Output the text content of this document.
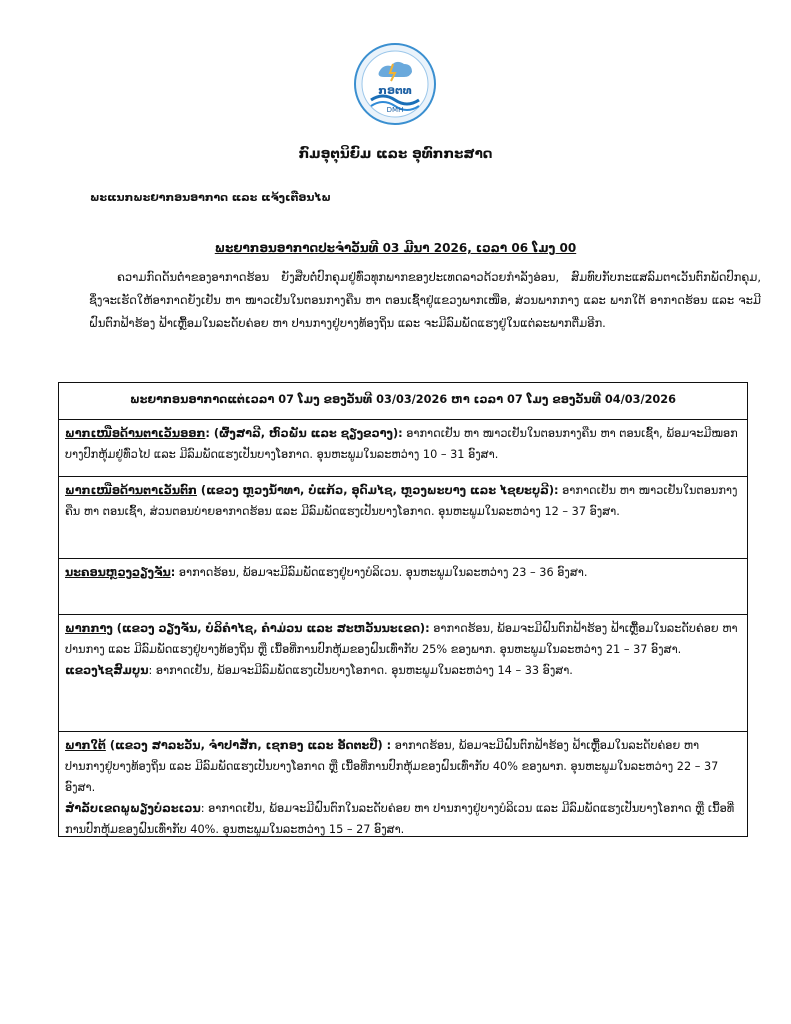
ກອຕທ
DMH
ກົມອຸຕຸນິຍົມ ແລະ ອຸທົກກະສາດ
ພະແນກພະຍາກອນອາກາດ ແລະ ແຈ້ງເຕືອນໄພ
ພະຍາກອນອາກາດປະຈຳວັນທີ 03 ມີນາ 2026, ເວລາ 06 ໂມງ 00
ຄວາມກົດດັນຕ່ຳຂອງອາກາດຮ້ອນ ຍັງສືບຕໍ່ປົກຄຸມຢູ່ທົ່ວທຸກພາກຂອງປະເທດລາວດ້ວຍກຳລັງອ່ອນ, ສົມທົບກັບກະແສລົມຕາເວັນຕົກພັດປົກຄຸມ, ຊຶ່ງຈະເຮັດໃຫ້ອາກາດຍັງເຢັນ ຫາ ໜາວເຢັນໃນຕອນກາງຄືນ ຫາ ຕອນເຊົ້າຢູ່ແຂວງພາກເໜືອ, ສ່ວນພາກກາງ ແລະ ພາກໃຕ້ ອາກາດຮ້ອນ ແລະ ຈະມີຝົນຕົກຟ້າຮ້ອງ ຟ້າເຫຼື້ອມໃນລະດັບຄ່ອຍ ຫາ ປານກາງຢູ່ບາງທ້ອງຖິ່ນ ແລະ ຈະມີລົມພັດແຮງຢູ່ໃນແຕ່ລະພາກຕື່ມອີກ.
ພະຍາກອນອາກາດແຕ່ເວລາ 07 ໂມງ ຂອງວັນທີ 03/03/2026 ຫາ ເວລາ 07 ໂມງ ຂອງວັນທີ 04/03/2026

ພາກເໜືອດ້ານຕາເວັນອອກ: (ຜົ້ງສາລີ, ຫົວພັນ ແລະ ຊຽງຂວາງ): ອາກາດເຢັນ ຫາ ໜາວເຢັນໃນຕອນກາງຄືນ ຫາ ຕອນເຊົ້າ, ພ້ອມຈະມີໝອກບາງປົກຫຸ້ມຢູ່ທົ່ວໄປ ແລະ ມີລົມພັດແຮງເປັນບາງໂອກາດ. ອຸນຫະພູມໃນລະຫວ່າງ 10 – 31 ອົງສາ.

ພາກເໜືອດ້ານຕາເວັນຕົກ (ແຂວງ ຫຼວງນ້ຳທາ, ບໍ່ແກ້ວ, ອຸດົມໄຊ, ຫຼວງພະບາງ ແລະ ໄຊຍະບູລີ): ອາກາດເຢັນ ຫາ ໜາວເຢັນໃນຕອນກາງຄືນ ຫາ ຕອນເຊົ້າ, ສ່ວນຕອນບ່າຍອາກາດຮ້ອນ ແລະ ມີລົມພັດແຮງເປັນບາງໂອກາດ. ອຸນຫະພູມໃນລະຫວ່າງ 12 – 37 ອົງສາ.

ນະຄອນຫຼວງວຽງຈັນ: ອາກາດຮ້ອນ, ພ້ອມຈະມີລົມພັດແຮງຢູ່ບາງບໍລິເວນ. ອຸນຫະພູມໃນລະຫວ່າງ 23 – 36 ອົງສາ.

ພາກກາງ (ແຂວງ ວຽງຈັນ, ບໍລິຄຳໄຊ, ຄຳມ່ວນ ແລະ ສະຫວັນນະເຂດ): ອາກາດຮ້ອນ, ພ້ອມຈະມີຝົນຕົກຟ້າຮ້ອງ ຟ້າເຫຼື້ອມໃນລະດັບຄ່ອຍ ຫາ ປານກາງ ແລະ ມີລົມພັດແຮງຢູ່ບາງທ້ອງຖິ່ນ ຫຼື ເນື້ອທີ່ການປົກຫຸ້ມຂອງຝົນເທົ່າກັບ 25% ຂອງພາກ. ອຸນຫະພູມໃນລະຫວ່າງ 21 – 37 ອົງສາ.

ແຂວງໄຊສົມບູນ: ອາກາດເຢັນ, ພ້ອມຈະມີລົມພັດແຮງເປັນບາງໂອກາດ. ອຸນຫະພູມໃນລະຫວ່າງ 14 – 33 ອົງສາ.

ພາກໃຕ້ (ແຂວງ ສາລະວັນ, ຈຳປາສັກ, ເຊກອງ ແລະ ອັດຕະປື) : ອາກາດຮ້ອນ, ພ້ອມຈະມີຝົນຕົກຟ້າຮ້ອງ ຟ້າເຫຼື້ອມໃນລະດັບຄ່ອຍ ຫາ ປານກາງຢູ່ບາງທ້ອງຖິ່ນ ແລະ ມີລົມພັດແຮງເປັນບາງໂອກາດ ຫຼື ເນື້ອທີ່ການປົກຫຸ້ມຂອງຝົນເທົ່າກັບ 40% ຂອງພາກ. ອຸນຫະພູມໃນລະຫວ່າງ 22 – 37 ອົງສາ.

ສຳລັບເຂດພູພຽງບໍລະເວນ: ອາກາດເຢັນ, ພ້ອມຈະມີຝົນຕົກໃນລະດັບຄ່ອຍ ຫາ ປານກາງຢູ່ບາງບໍລິເວນ ແລະ ມີລົມພັດແຮງເປັນບາງໂອກາດ ຫຼື ເນື້ອທີ່ການປົກຫຸ້ມຂອງຝົນເທົ່າກັບ 40%. ອຸນຫະພູມໃນລະຫວ່າງ 15 – 27 ອົງສາ.
